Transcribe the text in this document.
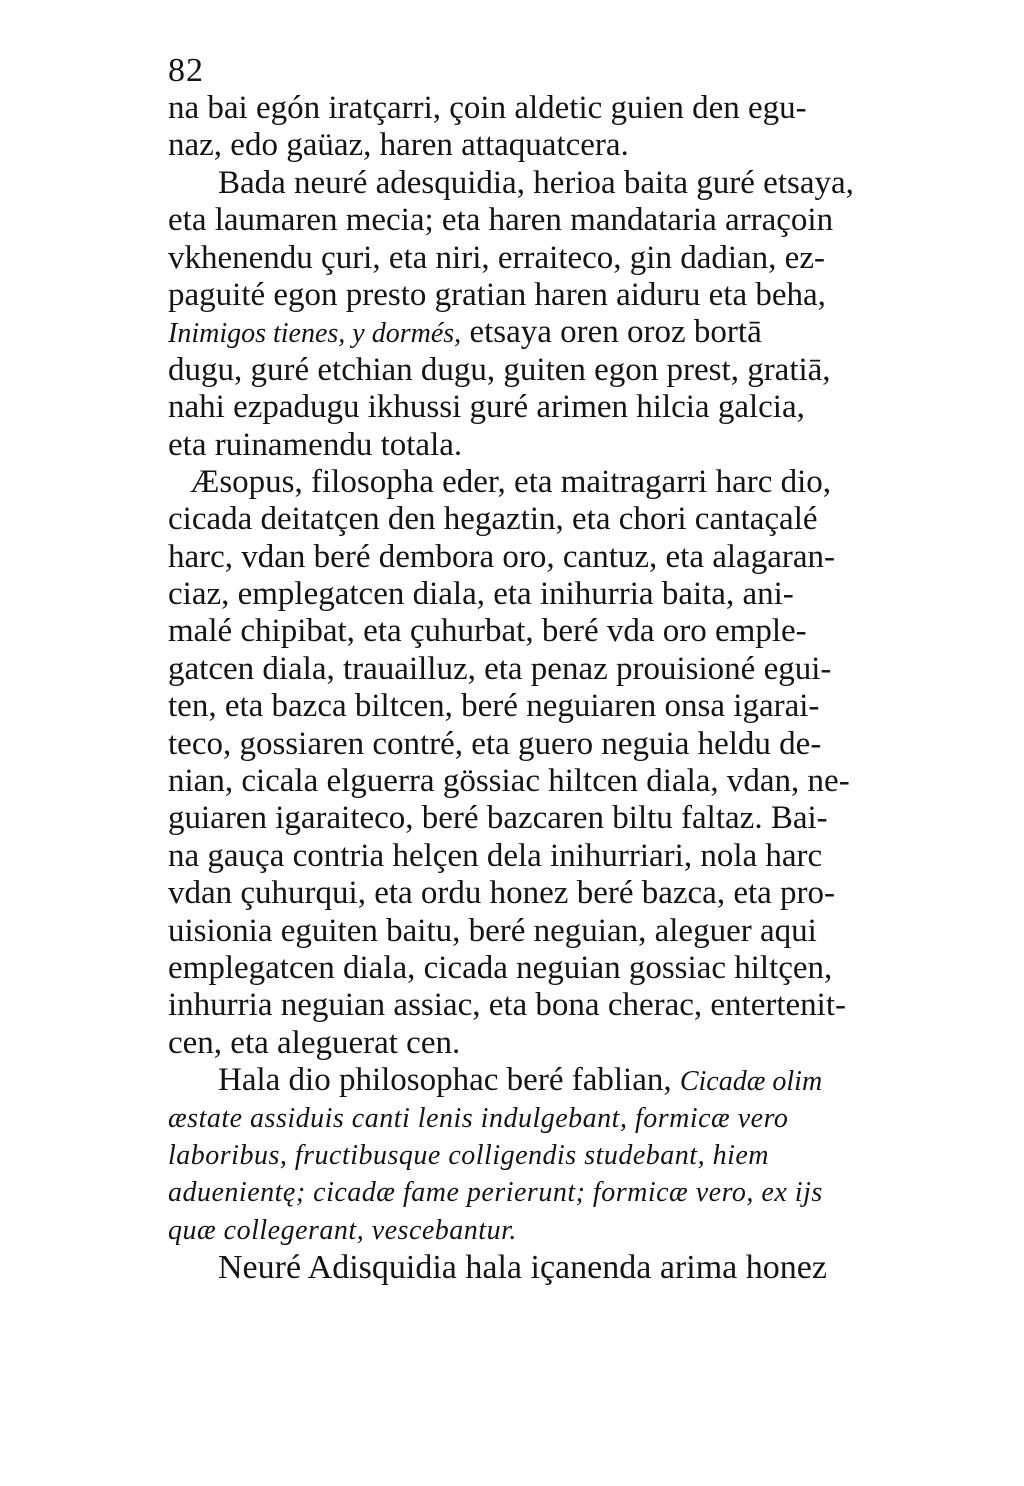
82
na bai egón iratçarri, çoin aldetic guien den egu-
naz, edo gaüaz, haren attaquatcera.
Bada neuré adesquidia, herioa baita guré etsaya,
eta laumaren mecia; eta haren mandataria arraçoin
vkhenendu çuri, eta niri, erraiteco, gin dadian, ez-
paguité egon presto gratian haren aiduru eta beha,
Inimigos tienes, y dormés, etsaya oren oroz bortā
dugu, guré etchian dugu, guiten egon prest, gratiā,
nahi ezpadugu ikhussi guré arimen hilcia galcia,
eta ruinamendu totala.
Æsopus, filosopha eder, eta maitragarri harc dio,
cicada deitatçen den hegaztin, eta chori cantaçalé
harc, vdan beré dembora oro, cantuz, eta alagaran-
ciaz, emplegatcen diala, eta inihurria baita, ani-
malé chipibat, eta çuhurbat, beré vda oro emple-
gatcen diala, trauailluz, eta penaz prouisioné egui-
ten, eta bazca biltcen, beré neguiaren onsa igarai-
teco, gossiaren contré, eta guero neguia heldu de-
nian, cicala elguerra gössiac hiltcen diala, vdan, ne-
guiaren igaraiteco, beré bazcaren biltu faltaz. Bai-
na gauça contria helçen dela inihurriari, nola harc
vdan çuhurqui, eta ordu honez beré bazca, eta pro-
uisionia eguiten baitu, beré neguian, aleguer aqui
emplegatcen diala, cicada neguian gossiac hiltçen,
inhurria neguian assiac, eta bona cherac, entertenit-
cen, eta aleguerat cen.
Hala dio philosophac beré fablian, Cicadæ olim
æstate assiduis canti lenis indulgebant, formicæ vero
laboribus, fructibusque colligendis studebant, hiem
aduenientę; cicadæ fame perierunt; formicæ vero, ex ijs
quæ collegerant, vescebantur.
Neuré Adisquidia hala içanenda arima honez
